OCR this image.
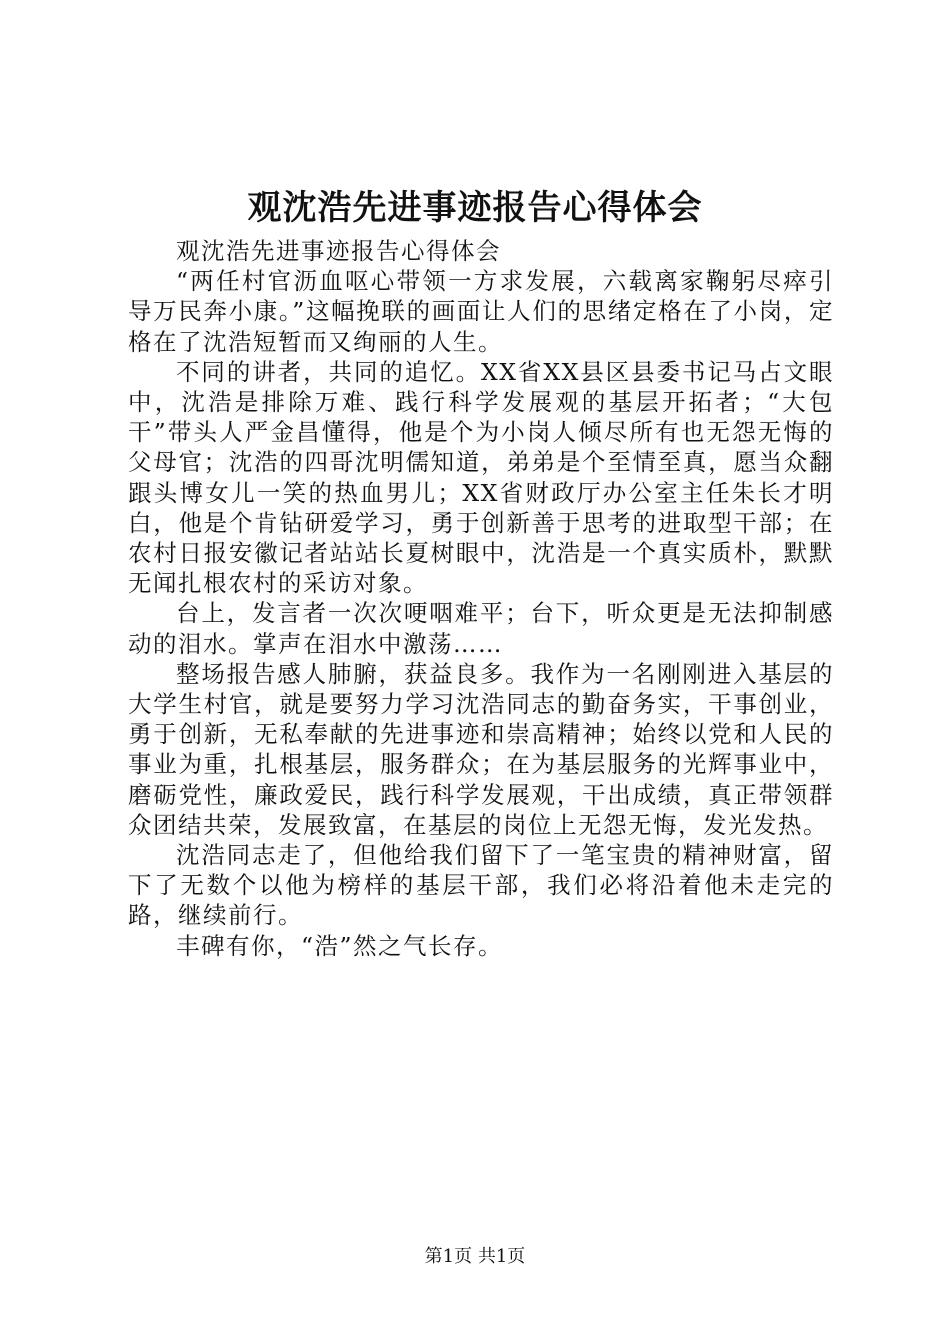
观沈浩先进事迹报告心得体会

观沈浩先进事迹报告心得体会

“两任村官沥血呕心带领一方求发展，六载离家鞠躬尽瘁引导万民奔小康。”这幅挽联的画面让人们的思绪定格在了小岗，定格在了沈浩短暂而又绚丽的人生。

不同的讲者，共同的追忆。XX省XX县区县委书记马占文眼中，沈浩是排除万难、践行科学发展观的基层开拓者；“大包干”带头人严金昌懂得，他是个为小岗人倾尽所有也无怨无悔的父母官；沈浩的四哥沈明儒知道，弟弟是个至情至真，愿当众翻跟头博女儿一笑的热血男儿；XX省财政厅办公室主任朱长才明白，他是个肯钻研爱学习，勇于创新善于思考的进取型干部；在农村日报安徽记者站站长夏树眼中，沈浩是一个真实质朴，默默无闻扎根农村的采访对象。

台上，发言者一次次哽咽难平；台下，听众更是无法抑制感动的泪水。掌声在泪水中激荡……

整场报告感人肺腑，获益良多。我作为一名刚刚进入基层的大学生村官，就是要努力学习沈浩同志的勤奋务实，干事创业，勇于创新，无私奉献的先进事迹和崇高精神；始终以党和人民的事业为重，扎根基层，服务群众；在为基层服务的光辉事业中，磨砺党性，廉政爱民，践行科学发展观，干出成绩，真正带领群众团结共荣，发展致富，在基层的岗位上无怨无悔，发光发热。

沈浩同志走了，但他给我们留下了一笔宝贵的精神财富，留下了无数个以他为榜样的基层干部，我们必将沿着他未走完的路，继续前行。

丰碑有你，“浩”然之气长存。

第1页 共1页
